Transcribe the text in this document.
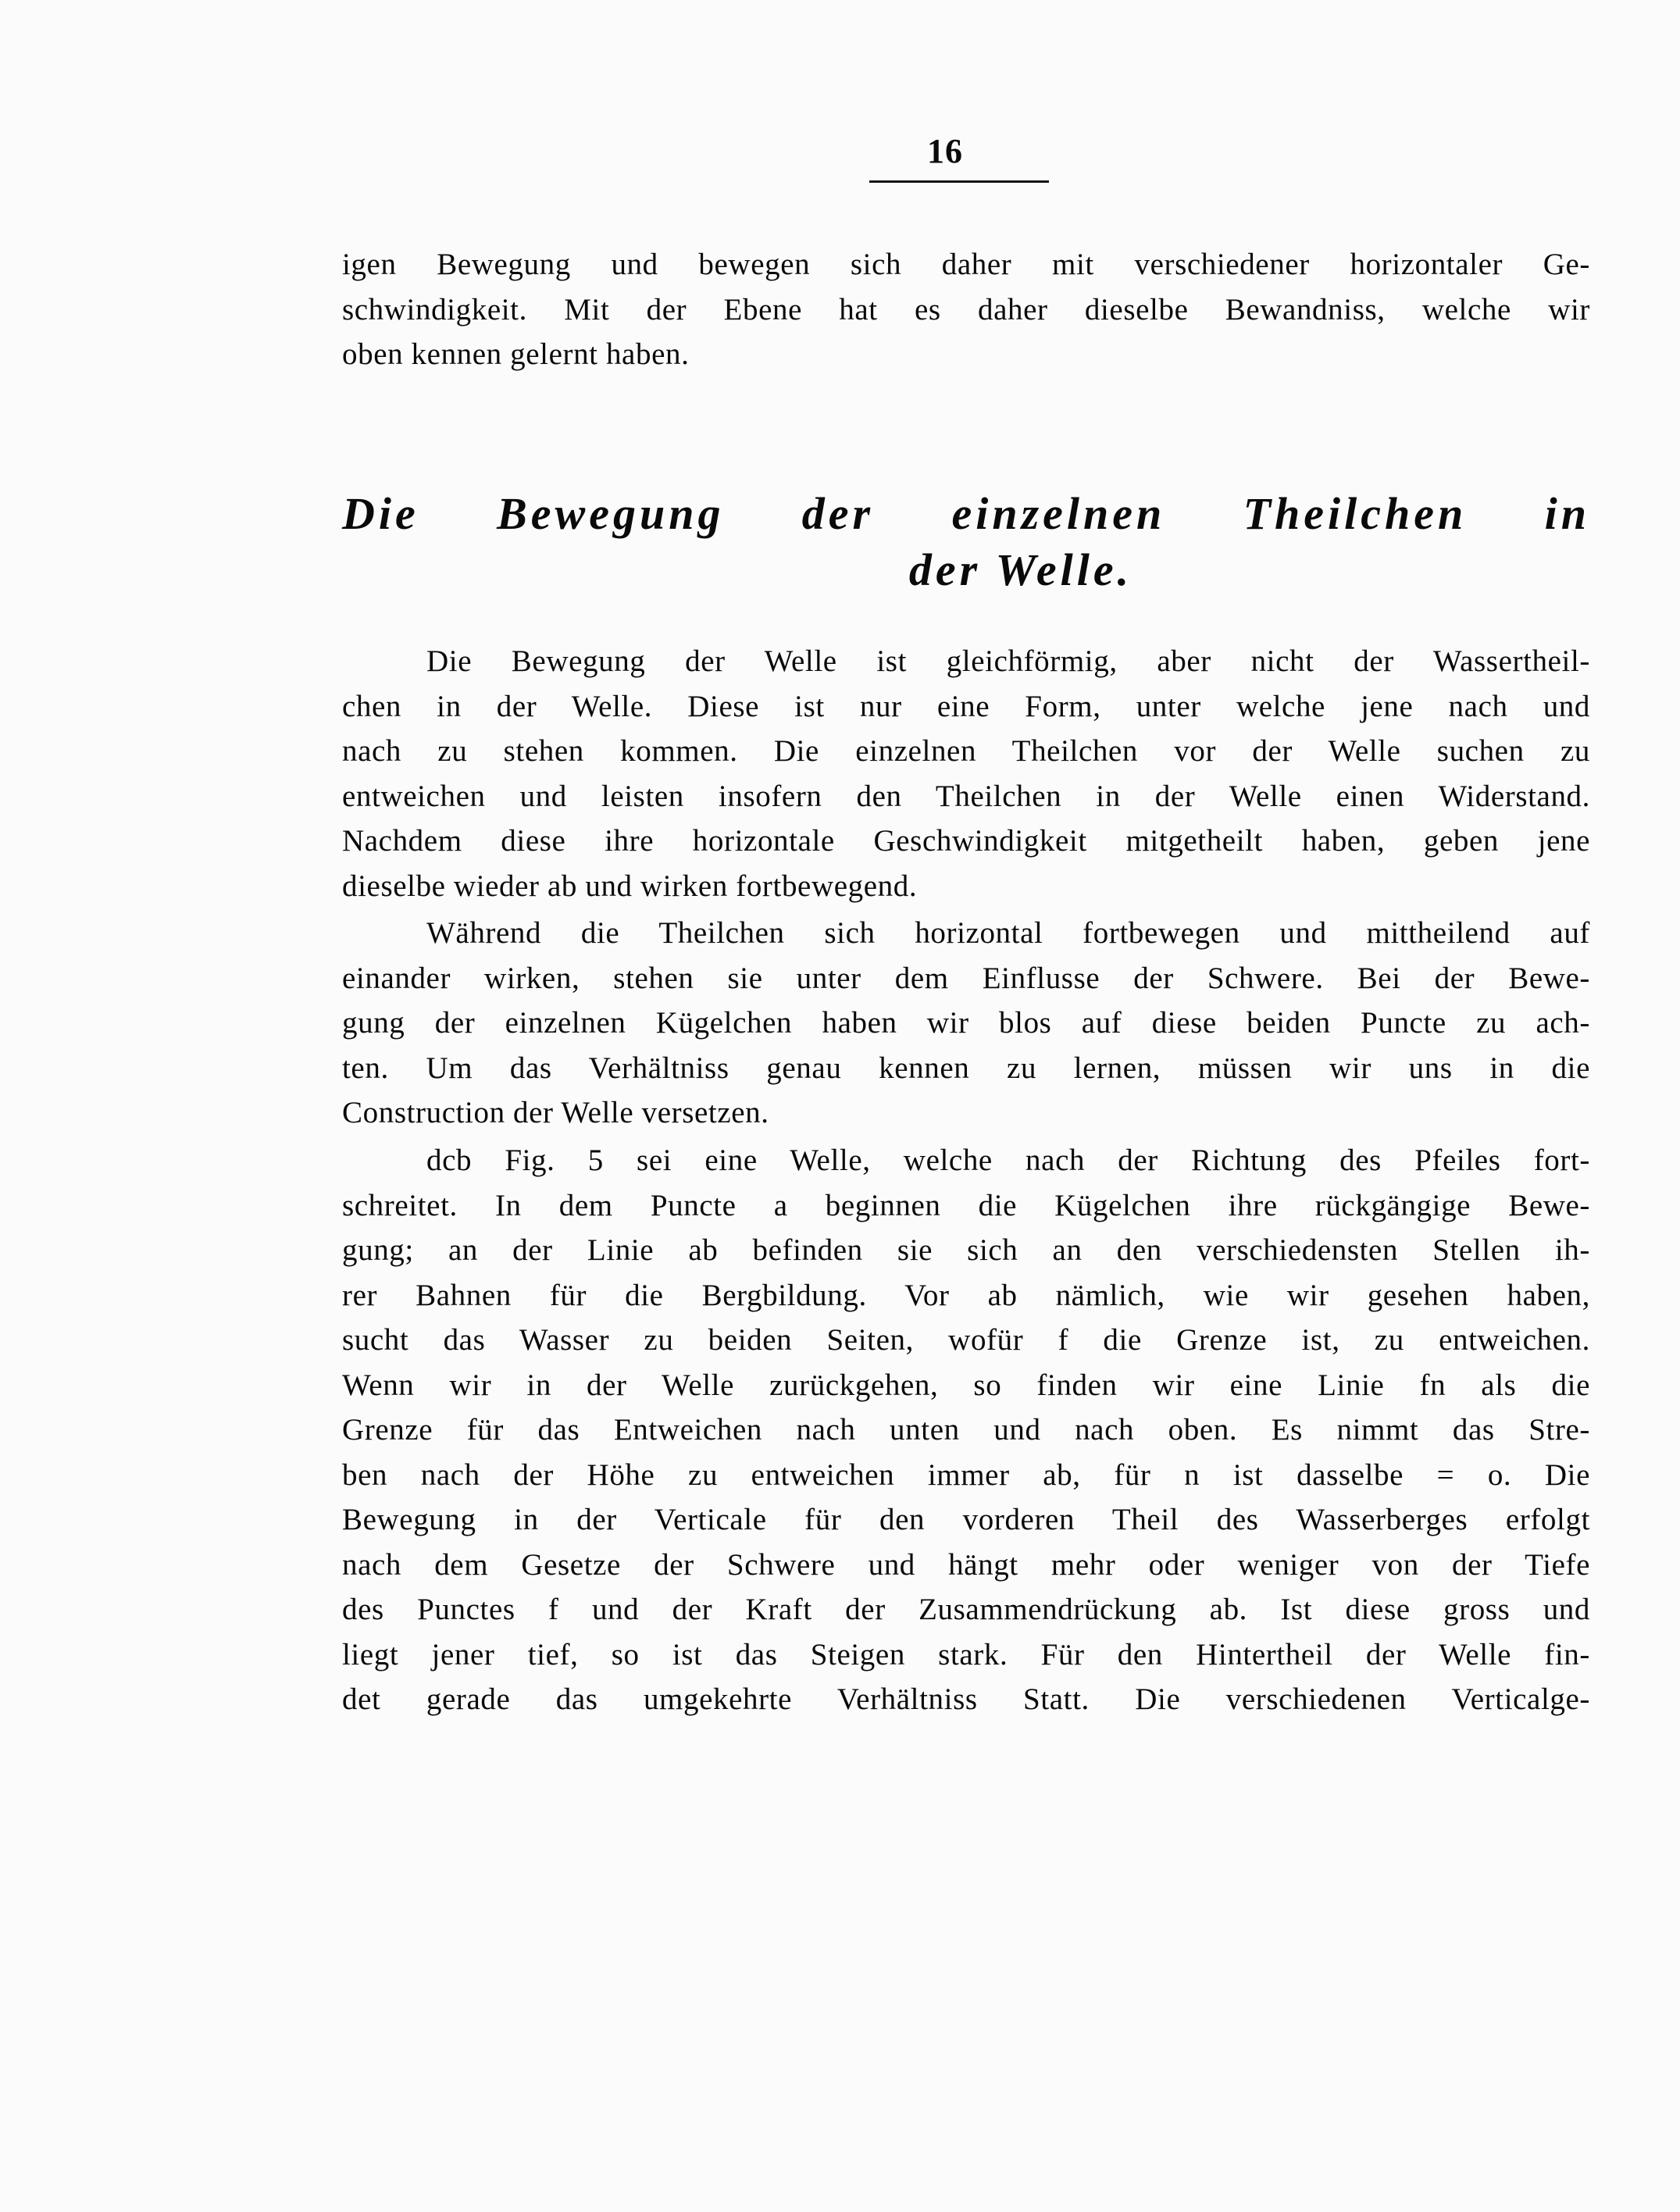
16
igen Bewegung und bewegen sich daher mit verschiedener horizontaler Ge-
schwindigkeit. Mit der Ebene hat es daher dieselbe Bewandniss, welche wir
oben kennen gelernt haben.
Die Bewegung der einzelnen Theilchen in
der Welle.
Die Bewegung der Welle ist gleichförmig, aber nicht der Wassertheil-
chen in der Welle. Diese ist nur eine Form, unter welche jene nach und
nach zu stehen kommen. Die einzelnen Theilchen vor der Welle suchen zu
entweichen und leisten insofern den Theilchen in der Welle einen Widerstand.
Nachdem diese ihre horizontale Geschwindigkeit mitgetheilt haben, geben jene
dieselbe wieder ab und wirken fortbewegend.
Während die Theilchen sich horizontal fortbewegen und mittheilend auf
einander wirken, stehen sie unter dem Einflusse der Schwere. Bei der Bewe-
gung der einzelnen Kügelchen haben wir blos auf diese beiden Puncte zu ach-
ten. Um das Verhältniss genau kennen zu lernen, müssen wir uns in die
Construction der Welle versetzen.
dcb Fig. 5 sei eine Welle, welche nach der Richtung des Pfeiles fort-
schreitet. In dem Puncte a beginnen die Kügelchen ihre rückgängige Bewe-
gung; an der Linie ab befinden sie sich an den verschiedensten Stellen ih-
rer Bahnen für die Bergbildung. Vor ab nämlich, wie wir gesehen haben,
sucht das Wasser zu beiden Seiten, wofür f die Grenze ist, zu entweichen.
Wenn wir in der Welle zurückgehen, so finden wir eine Linie fn als die
Grenze für das Entweichen nach unten und nach oben. Es nimmt das Stre-
ben nach der Höhe zu entweichen immer ab, für n ist dasselbe = o. Die
Bewegung in der Verticale für den vorderen Theil des Wasserberges erfolgt
nach dem Gesetze der Schwere und hängt mehr oder weniger von der Tiefe
des Punctes f und der Kraft der Zusammendrückung ab. Ist diese gross und
liegt jener tief, so ist das Steigen stark. Für den Hintertheil der Welle fin-
det gerade das umgekehrte Verhältniss Statt. Die verschiedenen Verticalge-
